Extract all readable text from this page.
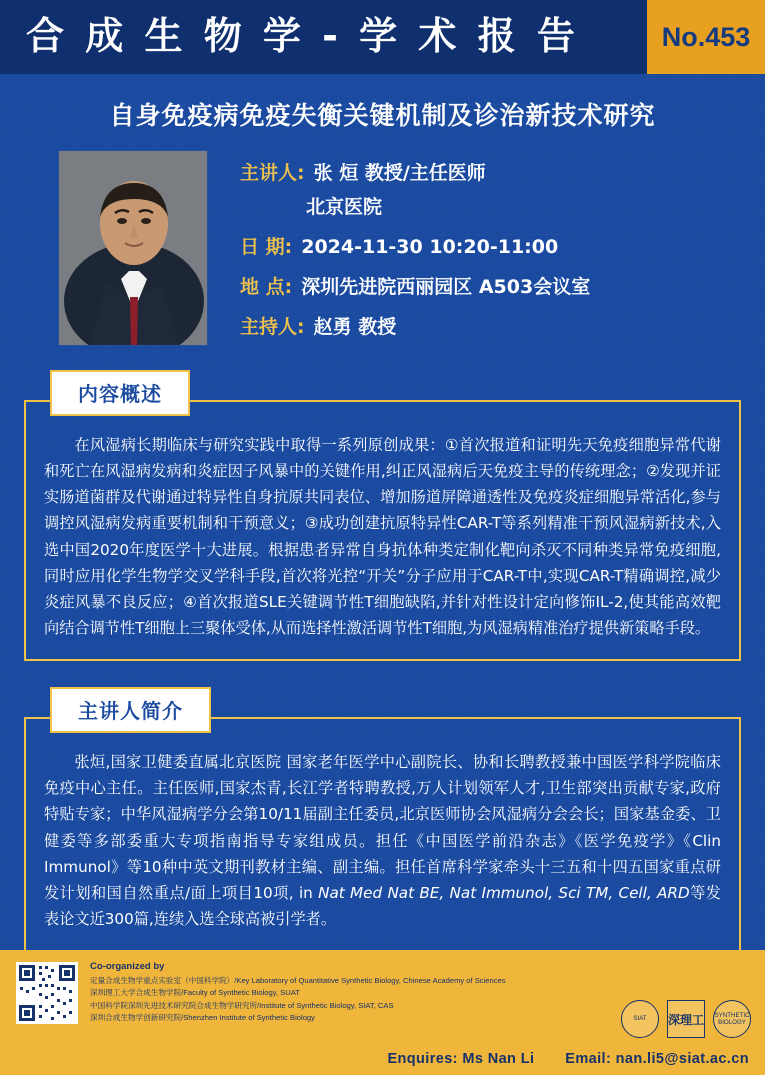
合 成 生 物 学 - 学 术 报 告	No.453
自身免疫病免疫失衡关键机制及诊治新技术研究
主讲人: 张 烜 教授/主任医师
北京医院
日 期: 2024-11-30 10:20-11:00
地 点: 深圳先进院西丽园区 A503会议室
主持人: 赵勇 教授
内容概述

在风湿病长期临床与研究实践中取得一系列原创成果：①首次报道和证明先天免疫细胞异常代谢和死亡在风湿病发病和炎症因子风暴中的关键作用,纠正风湿病后天免疫主导的传统理念；②发现并证实肠道菌群及代谢通过特异性自身抗原共同表位、增加肠道屏障通透性及免疫炎症细胞异常活化,参与调控风湿病发病重要机制和干预意义；③成功创建抗原特异性CAR-T等系列精准干预风湿病新技术,入选中国2020年度医学十大进展。根据患者异常自身抗体种类定制化靶向杀灭不同种类异常免疫细胞,同时应用化学生物学交叉学科手段,首次将光控“开关”分子应用于CAR-T中,实现CAR-T精确调控,减少炎症风暴不良反应；④首次报道SLE关键调节性T细胞缺陷,并针对性设计定向修饰IL-2,使其能高效靶向结合调节性T细胞上三聚体受体,从而选择性激活调节性T细胞,为风湿病精准治疗提供新策略手段。

主讲人简介

张烜,国家卫健委直属北京医院 国家老年医学中心副院长、协和长聘教授兼中国医学科学院临床免疫中心主任。主任医师,国家杰青,长江学者特聘教授,万人计划领军人才,卫生部突出贡献专家,政府特贴专家；中华风湿病学分会第10/11届副主任委员,北京医师协会风湿病分会会长；国家基金委、卫健委等多部委重大专项指南指导专家组成员。担任《中国医学前沿杂志》《医学免疫学》《Clin Immunol》等10种中英文期刊教材主编、副主编。担任首席科学家牵头十三五和十四五国家重点研发计划和国自然重点/面上项目10项, in Nat Med Nat BE, Nat Immunol, Sci TM, Cell, ARD等发表论文近300篇,连续入选全球高被引学者。

Co-organized by
定量合成生物学重点实验室（中国科学院）/Key Laboratory of Quantitative Synthetic Biology, Chinese Academy of Sciences
深圳理工大学合成生物学院/Faculty of Synthetic Biology, SUAT
中国科学院深圳先进技术研究院合成生物学研究所/Institute of Synthetic Biology, SIAT, CAS
深圳合成生物学创新研究院/Shenzhen Institute of Synthetic Biology	SIAT	深理工 SYNTHETIC BIOLOGY
Enquires: Ms Nan Li Email: nan.li5@siat.ac.cn
